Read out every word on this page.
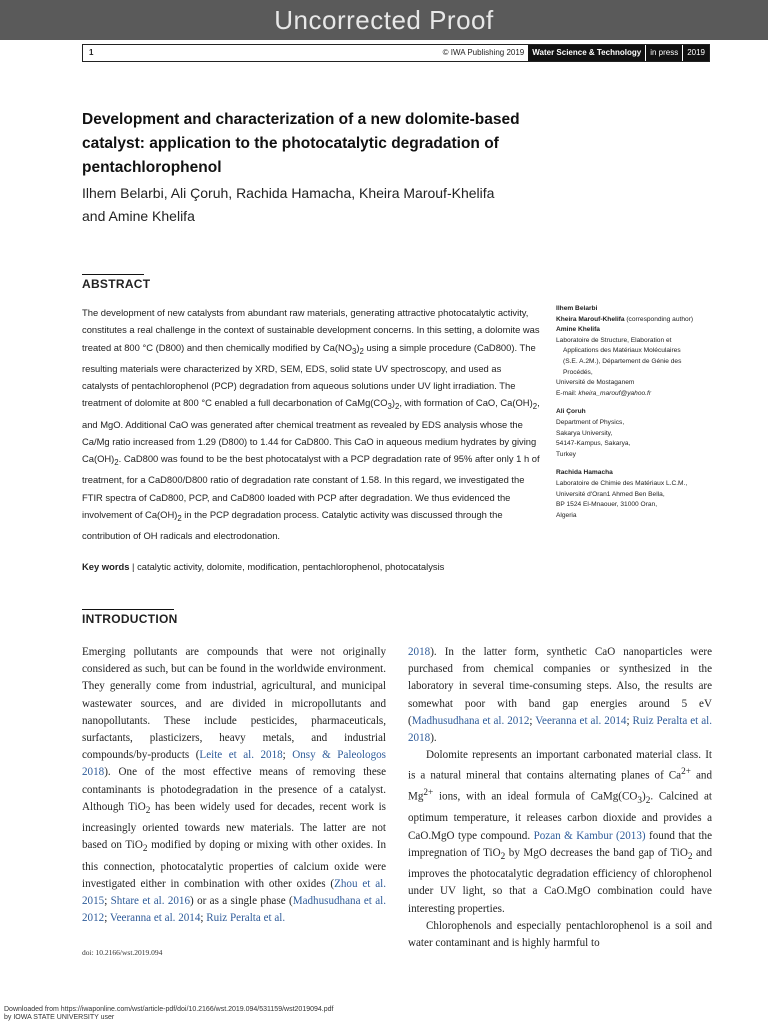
Uncorrected Proof
1	© IWA Publishing 2019	Water Science & Technology	in press	2019
Development and characterization of a new dolomite-based catalyst: application to the photocatalytic degradation of pentachlorophenol
Ilhem Belarbi, Ali Çoruh, Rachida Hamacha, Kheira Marouf-Khelifa
and Amine Khelifa
ABSTRACT

The development of new catalysts from abundant raw materials, generating attractive photocatalytic activity, constitutes a real challenge in the context of sustainable development concerns. In this setting, a dolomite was treated at 800 °C (D800) and then chemically modified by $Ca(NO_3)_2$ using a simple procedure (CaD800). The resulting materials were characterized by XRD, SEM, EDS, solid state UV spectroscopy, and used as catalysts of pentachlorophenol (PCP) degradation from aqueous solutions under UV light irradiation. The treatment of dolomite at 800 °C enabled a full decarbonation of $CaMg(CO_3)_2$, with formation of CaO, $Ca(OH)_2$, and MgO. Additional CaO was generated after chemical treatment as revealed by EDS analysis whose the Ca/Mg ratio increased from 1.29 (D800) to 1.44 for CaD800. This CaO in aqueous medium hydrates by giving $Ca(OH)_2$. CaD800 was found to be the best photocatalyst with a PCP degradation rate of 95% after only 1 h of treatment, for a CaD800/D800 ratio of degradation rate constant of 1.58. In this regard, we investigated the FTIR spectra of CaD800, PCP, and CaD800 loaded with PCP after degradation. We thus evidenced the involvement of $Ca(OH)_2$ in the PCP degradation process. Catalytic activity was discussed through the contribution of OH radicals and electrodonation.

Key words | catalytic activity, dolomite, modification, pentachlorophenol, photocatalysis
Ilhem Belarbi
Kheira Marouf-Khelifa (corresponding author)
Amine Khelifa
Laboratoire de Structure, Elaboration et
Applications des Matériaux Moléculaires
(S.E. A.2M.), Département de Génie des
Procédés,
Université de Mostaganem
E-mail: kheira_marouf@yahoo.fr
Ali Çoruh
Department of Physics,
Sakarya University,
54147-Kampus, Sakarya,
Turkey
Rachida Hamacha
Laboratoire de Chimie des Matériaux L.C.M.,
Université d'Oran1 Ahmed Ben Bella,
BP 1524 El-Mnaouer, 31000 Oran,
Algeria
INTRODUCTION

Emerging pollutants are compounds that were not originally considered as such, but can be found in the worldwide environment. They generally come from industrial, agricultural, and municipal wastewater sources, and are divided in micropollutants and nanopollutants. These include pesticides, pharmaceuticals, surfactants, plasticizers, heavy metals, and industrial compounds/by-products (Leite et al. 2018; Onsy & Paleologos 2018). One of the most effective means of removing these contaminants is photodegradation in the presence of a catalyst. Although TiO$_2$ has been widely used for decades, recent work is increasingly oriented towards new materials. The latter are not based on TiO$_2$ modified by doping or mixing with other oxides. In this connection, photocatalytic properties of calcium oxide were investigated either in combination with other oxides (Zhou et al. 2015; Shtare et al. 2016) or as a single phase (Madhusudhana et al. 2012; Veeranna et al. 2014; Ruiz Peralta et al.

2018). In the latter form, synthetic CaO nanoparticles were purchased from chemical companies or synthesized in the laboratory in several time-consuming steps. Also, the results are somewhat poor with band gap energies around 5 eV (Madhusudhana et al. 2012; Veeranna et al. 2014; Ruiz Peralta et al. 2018).

Dolomite represents an important carbonated material class. It is a natural mineral that contains alternating planes of $Ca^{2+}$ and $Mg^{2+}$ ions, with an ideal formula of $CaMg(CO_3)_2$. Calcined at optimum temperature, it releases carbon dioxide and provides a CaO.MgO type compound. Pozan & Kambur (2013) found that the impregnation of TiO$_2$ by MgO decreases the band gap of TiO$_2$ and improves the photocatalytic degradation efficiency of chlorophenol under UV light, so that a CaO.MgO combination could have interesting properties.

Chlorophenols and especially pentachlorophenol is a soil and water contaminant and is highly harmful to

doi: 10.2166/wst.2019.094
Downloaded from https://iwaponline.com/wst/article-pdf/doi/10.2166/wst.2019.094/531159/wst2019094.pdf
by IOWA STATE UNIVERSITY user
